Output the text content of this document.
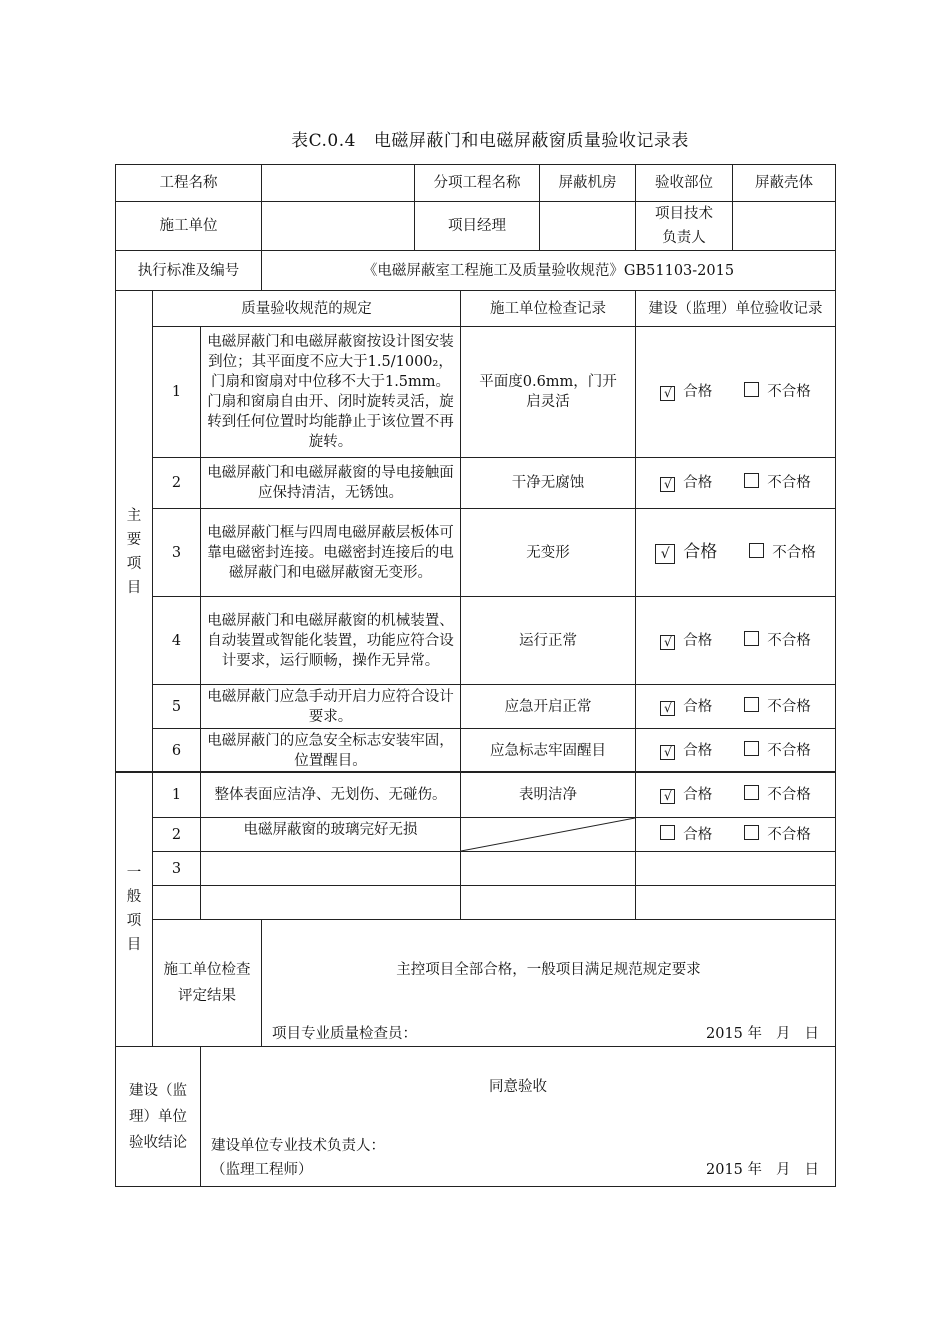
表C.0.4 电磁屏蔽门和电磁屏蔽窗质量验收记录表
工程名称				分项工程名称		屏蔽机房	验收部位	屏蔽壳体
施工单位				项目经理			项目技术负责人	
执行标准及编号			《电磁屏蔽室工程施工及质量验收规范》GB51103-2015					

主
要
项
目	质量验收规范的规定				施工单位检查记录		建设（监理）单位验收记录	
	1	电磁屏蔽门和电磁屏蔽窗按设计图安装到位；其平面度不应大于1.5/1000₂，门扇和窗扇对中位移不大于1.5mm。门扇和窗扇自由开、闭时旋转灵活，旋转到任何位置时均能静止于该位置不再旋转。			平面度0.6mm，门开启灵活		√ 合格 不合格	
	2	电磁屏蔽门和电磁屏蔽窗的导电接触面应保持清洁，无锈蚀。			干净无腐蚀		√ 合格 不合格	
	3	电磁屏蔽门框与四周电磁屏蔽层板体可靠电磁密封连接。电磁密封连接后的电磁屏蔽门和电磁屏蔽窗无变形。			无变形		√ 合格 不合格	
	4	电磁屏蔽门和电磁屏蔽窗的机械装置、自动装置或智能化装置，功能应符合设计要求，运行顺畅，操作无异常。			运行正常		√ 合格 不合格	
	5	电磁屏蔽门应急手动开启力应符合设计要求。			应急开启正常		√ 合格 不合格	
	6	电磁屏蔽门的应急安全标志安装牢固，位置醒目。			应急标志牢固醒目		√ 合格 不合格	
一
般
项
目	1	整体表面应洁净、无划伤、无碰伤。		表明洁净	√ 合格 不合格
	2	电磁屏蔽窗的玻璃完好无损			合格 不合格
	3				

	施工单位检查评定结果		主控项目全部合格，一般项目满足规范规定要求
项目专业质量检查员： 2015 年 月 日		

建设（监理）单位验收结论		同意验收
建设单位专业技术负责人：
（监理工程师） 2015 年 月 日			
